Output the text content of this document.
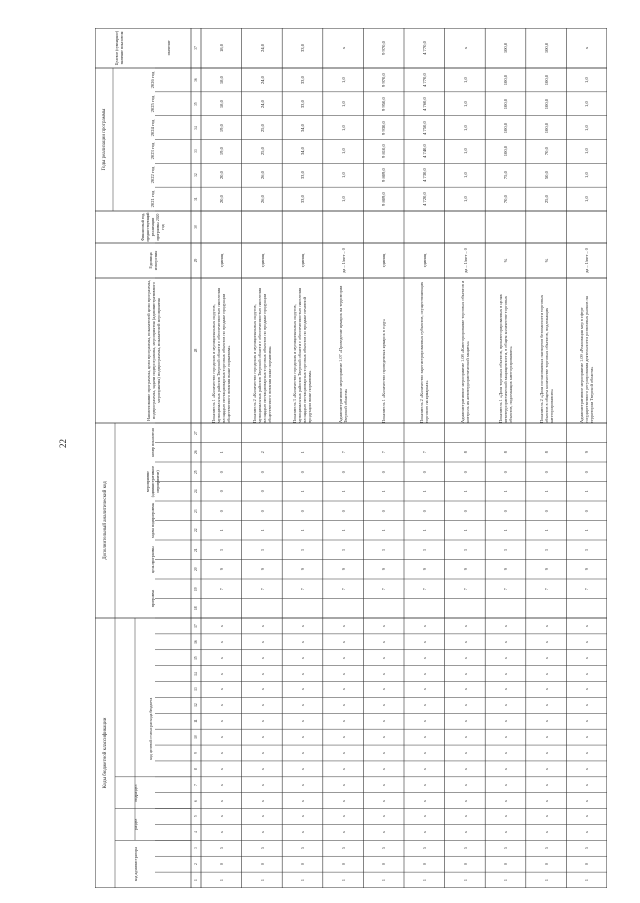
22
Коды бюджетной классификации
Дополнительный аналитический код
Годы реализации программы
Целевое (суммарное) значение показателя	значение
Наименование программы, цели программы, показателей цели программы, подпрограммы, задачи подпрограммы, мероприятия (административного мероприятия) подпрограммы, показателей мероприятия
Единица измерения
Финансовый год, предшествующий реализации программы 2020 год
код целевой статьи расхода бюджета
код администратора
раздел
подраздел
программа
цель программы
задача подпрограммы
мероприятие (административное мероприятие)
номер показателя
2021 год
2022 год
2023 год
2024 год
2025 год
2026 год
1
2
3
4
5
6
7
8
9
10
11
12
13
14
15
16
17
18
19
20
21
22
23
24
25
26
27
28
29
30
31
32
33
34
35
36
37
1
0
5
x
x
x
x
x
x
x
x
x
x
x
x
x
x
7
9
3
1
0
0
0
1
Показатель 1 «Количество городских и муниципальных округов, муниципальных районов Тверской области с обеспеченностью населения площадью нестационарных торговых объектов по продаже продукции общественного питания выше норматива»
единиц
20,0
20,0
19,0
19,0
18,0
18,0
18,0
1
0
5
x
x
x
x
x
x
x
x
x
x
x
x
x
x
7
9
3
1
0
0
0
2
Показатель 2 «Количество городских и муниципальных округов, муниципальных районов Тверской области с обеспеченностью населения площадью нестационарных торговых объектов по продаже продукции общественного питания ниже норматива»
единиц
26,0
26,0
25,0
25,0
24,0
24,0
24,0
1
0
5
x
x
x
x
x
x
x
x
x
x
x
x
x
x
7
9
3
1
0
1
0
1
Показатель 3 «Количество городских и муниципальных округов, муниципальных районов Тверской области с обеспеченностью населения площадью нестационарных торговых объектов по продаже печатной продукции ниже норматива»
единиц
33,0
33,0
34,0
34,0
33,0
33,0
33,0
1
0
5
x
x
x
x
x
x
x
x
x
x
x
x
x
x
7
9
3
1
0
1
0
7
Административное мероприятие 1.07 «Проведение ярмарок на территории Тверской области»
да – 1/нет – 0
1,0
1,0
1,0
1,0
1,0
1,0
x
1
0
5
x
x
x
x
x
x
x
x
x
x
x
x
x
x
7
9
3
1
0
1
0
7
Показатель 1 «Количество проведенных ярмарок в году»
единиц
9 809,0
9 809,0
9 810,0
9 930,0
9 950,0
9 970,0
9 970,0
1
0
5
x
x
x
x
x
x
x
x
x
x
x
x
x
x
7
9
3
1
0
1
0
7
Показатель 2 «Количество зарегистрированных субъектов, осуществляющих торговлю на ярмарках»
единиц
4 720,0
4 730,0
4 740,0
4 750,0
4 760,0
4 770,0
4 770,0
1
0
5
x
x
x
x
x
x
x
x
x
x
x
x
x
x
7
9
3
1
0
1
0
8
Административное мероприятие 1.08 «Категорирование торговых объектов и контроль их антитеррористической защиты»
да – 1/нет – 0
1,0
1,0
1,0
1,0
1,0
1,0
x
1
0
5
x
x
x
x
x
x
x
x
x
x
x
x
x
x
7
9
3
1
0
1
0
8
Показатель 1 «Доля торговых объектов, прокатегорированных в целях антитеррористической защищенности, в общем количестве торговых объектов, подлежащих категорированию»
%
70,0
75,0
100,0
100,0
100,0
100,0
100,0
1
0
5
x
x
x
x
x
x
x
x
x
x
x
x
x
x
7
9
3
1
0
1
0
8
Показатель 2 «Доля согласованных паспортов безопасности торговых объектов в общем количестве торговых объектов, подлежащих категорированию»
%
25,0
50,0
70,0
100,0
100,0
100,0
100,0
1
0
5
x
x
x
x
x
x
x
x
x
x
x
x
x
x
7
9
3
1
0
1
0
9
Административное мероприятие 1.09 «Реализация мер в сфере государственного регулирования деятельности розничных рынков на территории Тверской области»
да – 1/нет – 0
1,0
1,0
1,0
1,0
1,0
1,0
x
